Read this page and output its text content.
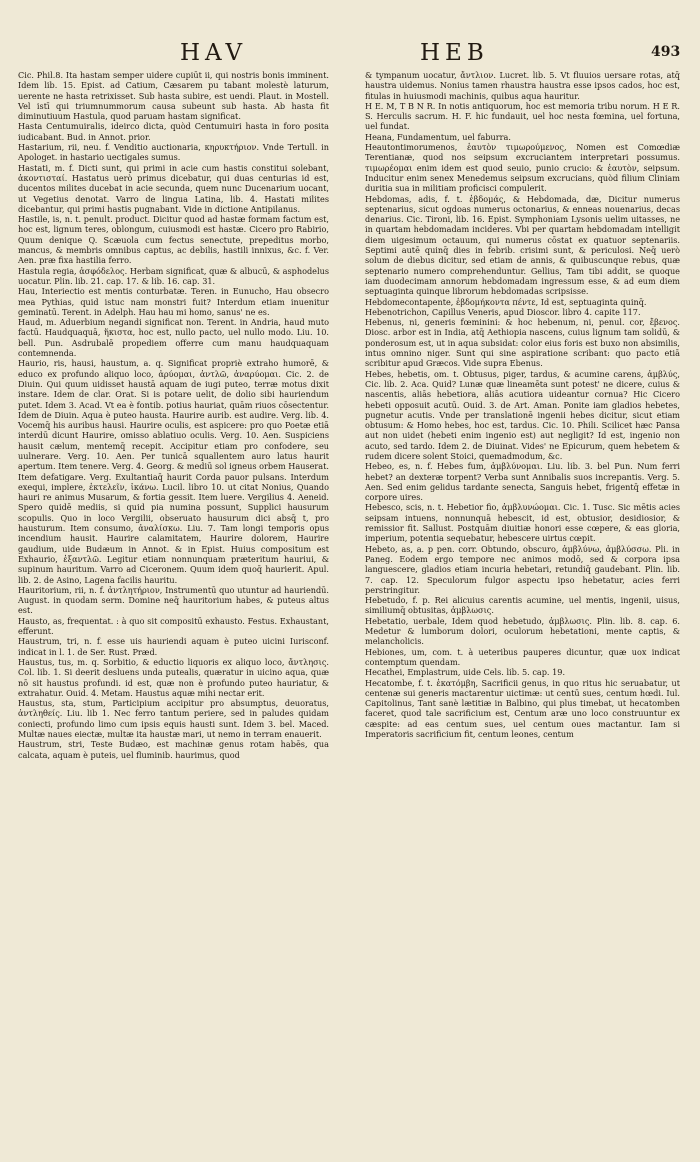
HAV	HEB	493

Cic. Phil.8. Ita hastam semper uidere cupiūt ii, qui nostris bonis imminent. Idem lib. 15. Epist. ad Catium, Cæsarem pu tabant molestè laturum, uerente ne hasta retrixisset. Sub hasta subire, est uendi. Plaut. in Mostell. Vel istī qui triumnummorum causa subeunt sub hasta. Ab hasta fit diminutiuum Hastula, quod paruam hastam significat.

Hasta Centumuiralis, ideirco dicta, quòd Centumuiri hasta in foro posita iudicabant. Bud. in Annot. prior.

Hastarium, rii, neu. f. Venditio auctionaria, κηρυκτήριον. Vnde Tertull. in Apologet. in hastario uectigales sumus.

Hastati, m. f. Dicti sunt, qui primi in acie cum hastis constitui solebant, ἀκοντισταί. Hastatus uerò primus dicebatur, qui duas centurias id est, ducentos milites ducebat in acie secunda, quem nunc Ducenarium uocant, ut Vegetius denotat. Varro de lingua Latina, lib. 4. Hastati milites dicebantur, qui primi hastis pugnabant. Vide in dictione Antipilanus.

Hastile, is, n. t. penult. product. Dicitur quod ad hastæ formam factum est, hoc est, lignum teres, oblongum, cuiusmodi est hastæ. Cicero pro Rabirio, Quum denique Q. Scæuola cum fectus senectute, prepeditus morbo, mancus, & membris omnibus captus, ac debilis, hastili innixus, &c. f. Ver. Aen. præ fixa hastilia ferro.

Hastula regia, ἀσφόδελος. Herbam significat, quæ & albucū, & asphodelus uocatur. Plin. lib. 21. cap. 17. & lib. 16. cap. 31.

Hau, Interiectio est mentis conturbatæ. Teren. in Eunucho, Hau obsecro mea Pythias, quid istuc nam monstri fuit? Interdum etiam inuenitur geminatū. Terent. in Adelph. Hau hau mi homo, sanus' ne es.

Haud, m. Aduerbium negandi significat non. Terent. in Andria, haud muto factū. Haudquaquā, ἥκιστα, hoc est, nullo pacto, uel nullo modo. Liu. 10. bell. Pun. Asdrubalē propediem offerre cum manu haudquaquam contemnenda.

Haurio, ris, hausi, haustum, a. q. Significat propriè extraho humorē, & educo ex profundo aliquo loco, ἀρύομαι, ἀντλῶ, ἀναρύομαι. Cic. 2. de Diuin. Qui quum uidisset haustā aquam de iugi puteo, terræ motus dixit instare. Idem de clar. Orat. Si is potare uelit, de dolio sibi hauriendum putet. Idem 3. Acad. Vt ea è fontib. potius hauriat, quām riuos cōsectentur. Idem de Diuin. Aqua è puteo hausta. Haurire aurib. est audire. Verg. lib. 4. Vocemq̄ his auribus hausi. Haurire oculis, est aspicere: pro quo Poetæ etiā interdū dicunt Haurire, omisso ablatiuo oculis. Verg. 10. Aen. Suspiciens hausit cælum, mentemq̄ recepit. Accipitur etiam pro confodere, seu uulnerare. Verg. 10. Aen. Per tunicā squallentem auro latus haurit apertum. Item tenere. Verg. 4. Georg. & mediū sol igneus orbem Hauserat. Item defatigare. Verg. Exultantiaq̄ haurit Corda pauor pulsans. Interdum exequi, implere, ἐκτελεῖν, ἰκάνω. Lucil. libro 10. ut citat Nonius, Quando hauri re animus Musarum, & fortia gessit. Item luere. Vergilius 4. Aeneid. Spero quidē mediis, si quid pia numina possunt, Supplici hausurum scopulis. Quo in loco Vergilii, obseruato hausurum dici absq̄ t, pro hausturum. Item consumo, ἀναλίσκω. Liu. 7. Tam longi temporis opus incendium hausit. Haurire calamitatem, Haurire dolorem, Haurire gaudium, uide Budæum in Annot. & in Epist. Huius compositum est Exhaurio, ἐξαντλῶ. Legitur etiam nonnunquam præteritum hauriui, & supinum hauritum. Varro ad Ciceronem. Quum idem quoq̄ haurierit. Apul. lib. 2. de Asino, Lagena facilis hauritu.

Hauritorium, rii, n. f. ἀντλητήριον, Instrumentū quo utuntur ad hauriendū. August. in quodam serm. Domine neq̄ hauritorium habes, & puteus altus est.

Hausto, as, frequentat. : à quo sit compositū exhausto. Festus. Exhaustant, efferunt.

Haustrum, tri, n. f. esse uis hauriendi aquam è puteo uicini Iurisconf. indicat in l. 1. de Ser. Rust. Præd.

Haustus, tus, m. q. Sorbitio, & eductio liquoris ex aliquo loco, ἄντλησις. Col. lib. 1. Si deerit desluens unda putealis, quæratur in uicino aqua, quæ nō sit haustus profundi. id est, quæ non è profundo puteo hauriatur, & extrahatur. Ouid. 4. Metam. Haustus aquæ mihi nectar erit.

Haustus, sta, stum, Participium accipitur pro absumptus, deuoratus, ἀντληθείς. Liu. lib 1. Nec ferro tantum periere, sed in paludes quidam coniecti, profundo limo cum ipsis equis hausti sunt. Idem 3. bel. Maced. Multæ naues eiectæ, multæ ita haustæ mari, ut nemo in terram enauerit.

Haustrum, stri, Teste Budæo, est machinæ genus rotam habēs, qua calcata, aquam è puteis, uel fluminib. haurimus, quod

& tympanum uocatur, ἄντλιον. Lucret. lib. 5. Vt fluuios uersare rotas, atq̄ haustra uidemus. Nonius tamen rhaustra haustra esse ipsos cados, hoc est, fitulas in huiusmodi machinis, quibus aqua hauritur.

H E. M, T B N R. In notis antiquorum, hoc est memoria tribu norum. H E R. S. Herculis sacrum. H. F. hic fundauit, uel hoc nesta fœmina, uel fortuna, uel fundat.

Heana, Fundamentum, uel faburra.

Heautontimorumenos, ἑαυτὸν τιμωρούμενος, Nomen est Comœdiæ Terentianæ, quod nos seipsum excruciantem interpretari possumus. τιμωρέομαι enim idem est quod seuio, punio crucio: & ἑαυτὸν, seipsum. Inducitur enim senex Menedemus seipsum excrucians, quòd filium Cliniam duritia sua in militiam proficisci compulerit.

Hebdomas, adis, f. t. ἑβδομάς, & Hebdomada, dæ, Dicitur numerus septenarius, sicut ogdoas numerus octonarius, & enneas nouenarius, decas denarius. Cic. Tironi, lib. 16. Epist. Symphoniam Lysonis uelim uitasses, ne in quartam hebdomadam incideres. Vbi per quartam hebdomadam intelligit diem uigesimum octauum, qui numerus cōstat ex quatuor septenariis. Septimi autē quinq̄ dies in febrib. crisimi sunt, & periculosi. Neq̄ uerò solum de diebus dicitur, sed etiam de annis, & quibuscunque rebus, quæ septenario numero comprehenduntur. Gellius, Tam tibi addit, se quoque iam duodecimam annorum hebdomadam ingressum esse, & ad eum diem septuaginta quinque librorum hebdomadas scripsisse.

Hebdomecontapente, ἑβδομήκοντα πέντε, Id est, septuaginta quinq̄.

Hebenotrichon, Capillus Veneris, apud Dioscor. libro 4. capite 117.

Hebenus, ni, generis fœminini: & hoc hebenum, ni, penul. cor, ἔβενος. Diosc. arbor est in India, atq̄ Aethiopia nascens, cuius lignum tam solidū, & ponderosum est, ut in aqua subsidat: color eius foris est buxo non absimilis, intus omnino niger. Sunt qui sine aspiratione scribant: quo pacto etiā scribitur apud Græcos. Vide supra Ebenus.

Hebes, hebetis, om. t. Obtusus, piger, tardus, & acumine carens, ἀμβλύς, Cic. lib. 2. Aca. Quid? Lunæ quæ lineamēta sunt potest' ne dicere, cuius & nascentis, aliās hebetiora, aliās acutiora uideantur cornua? Hic Cicero hebeti opposuit acutū. Ouid. 3. de Art. Aman. Ponite iam gladios hebetes, pugnetur acutis. Vnde per translationē ingenii hebes dicitur, sicut etiam obtusum: & Homo hebes, hoc est, tardus. Cic. 10. Phili. Scilicet hæc Pansa aut non uidet (hebeti enim ingenio est) aut negligit? Id est, ingenio non acuto, sed tardo. Idem 2. de Diuinat. Vides' ne Epicurum, quem hebetem & rudem dicere solent Stoici, quemadmodum, &c.

Hebeo, es, n. f. Hebes fum, ἀμβλύνομαι. Liu. lib. 3. bel Pun. Num ferri hebet? an dexteræ torpent? Verba sunt Annibalis suos increpantis. Verg. 5. Aen. Sed enim gelidus tardante senecta, Sanguis hebet, frigentq̄ effetæ in corpore uires.

Hebesco, scis, n. t. Hebetior fio, ἀμβλυνώομαι. Cic. 1. Tusc. Sic mētis acies seipsam intuens, nonnunquā hebescit, id est, obtusior, desidiosior, & remissior fit. Sallust. Postquām diuitiæ honori esse cœpere, & eas gloria, imperium, potentia sequebatur, hebescere uirtus cœpit.

Hebeto, as, a. p pen. corr. Obtundo, obscuro, ἀμβλύνω, ἀμβλύσσω. Pli. in Paneg. Eodem ergo tempore nec animos modō, sed & corpora ipsa languescere, gladios etiam incuria hebetari, retundiq̄ gaudebant. Plin. lib. 7. cap. 12. Speculorum fulgor aspectu ipso hebetatur, acies ferri perstringitur.

Hebetudo, f. p. Rei alicuius carentis acumine, uel mentis, ingenii, uisus, similiumq̄ obtusitas, ἀμβλωσις.

Hebetatio, uerbale, Idem quod hebetudo, ἀμβλωσις. Plin. lib. 8. cap. 6. Medetur & lumborum dolori, oculorum hebetationi, mente captis, & melancholicis.

Hebiones, um, com. t. à ueteribus pauperes dicuntur, quæ uox indicat contemptum quendam.

Hecathei, Emplastrum, uide Cels. lib. 5. cap. 19.

Hecatombe, f. t. ἑκατόμβη, Sacrificii genus, in quo ritus hic seruabatur, ut centenæ sui generis mactarentur uictimæ: ut centū sues, centum hœdi. Iul. Capitolinus, Tant sanè lætitiæ in Balbino, qui plus timebat, ut hecatomben faceret, quod tale sacrificium est, Centum aræ uno loco construuntur ex cæspite: ad eas centum sues, uel centum oues mactantur. Iam si Imperatoris sacrificium fit, centum leones, centum
